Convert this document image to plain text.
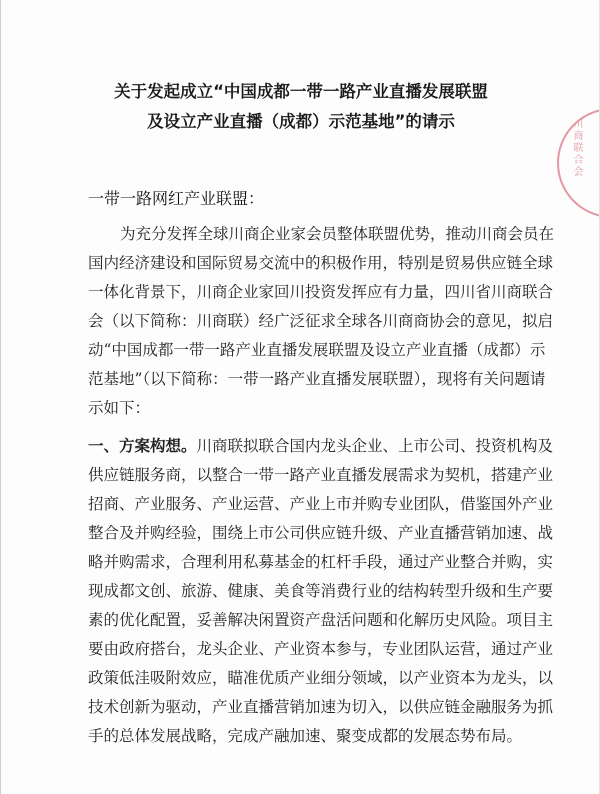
关于发起成立“中国成都一带一路产业直播发展联盟
及设立产业直播（成都）示范基地”的请示
一带一路网红产业联盟：
为充分发挥全球川商企业家会员整体联盟优势，推动川商会员在
国内经济建设和国际贸易交流中的积极作用，特别是贸易供应链全球
一体化背景下，川商企业家回川投资发挥应有力量，四川省川商联合
会（以下简称：川商联）经广泛征求全球各川商商协会的意见，拟启
动“中国成都一带一路产业直播发展联盟及设立产业直播（成都）示
范基地”（以下简称：一带一路产业直播发展联盟），现将有关问题请
示如下：
一、方案构想。川商联拟联合国内龙头企业、上市公司、投资机构及
供应链服务商，以整合一带一路产业直播发展需求为契机，搭建产业
招商、产业服务、产业运营、产业上市并购专业团队，借鉴国外产业
整合及并购经验，围绕上市公司供应链升级、产业直播营销加速、战
略并购需求，合理利用私募基金的杠杆手段，通过产业整合并购，实
现成都文创、旅游、健康、美食等消费行业的结构转型升级和生产要
素的优化配置，妥善解决闲置资产盘活问题和化解历史风险。项目主
要由政府搭台，龙头企业、产业资本参与，专业团队运营，通过产业
政策低洼吸附效应，瞄准优质产业细分领域，以产业资本为龙头，以
技术创新为驱动，产业直播营销加速为切入，以供应链金融服务为抓
手的总体发展战略，完成产融加速、聚变成都的发展态势布局。
川商联合会
